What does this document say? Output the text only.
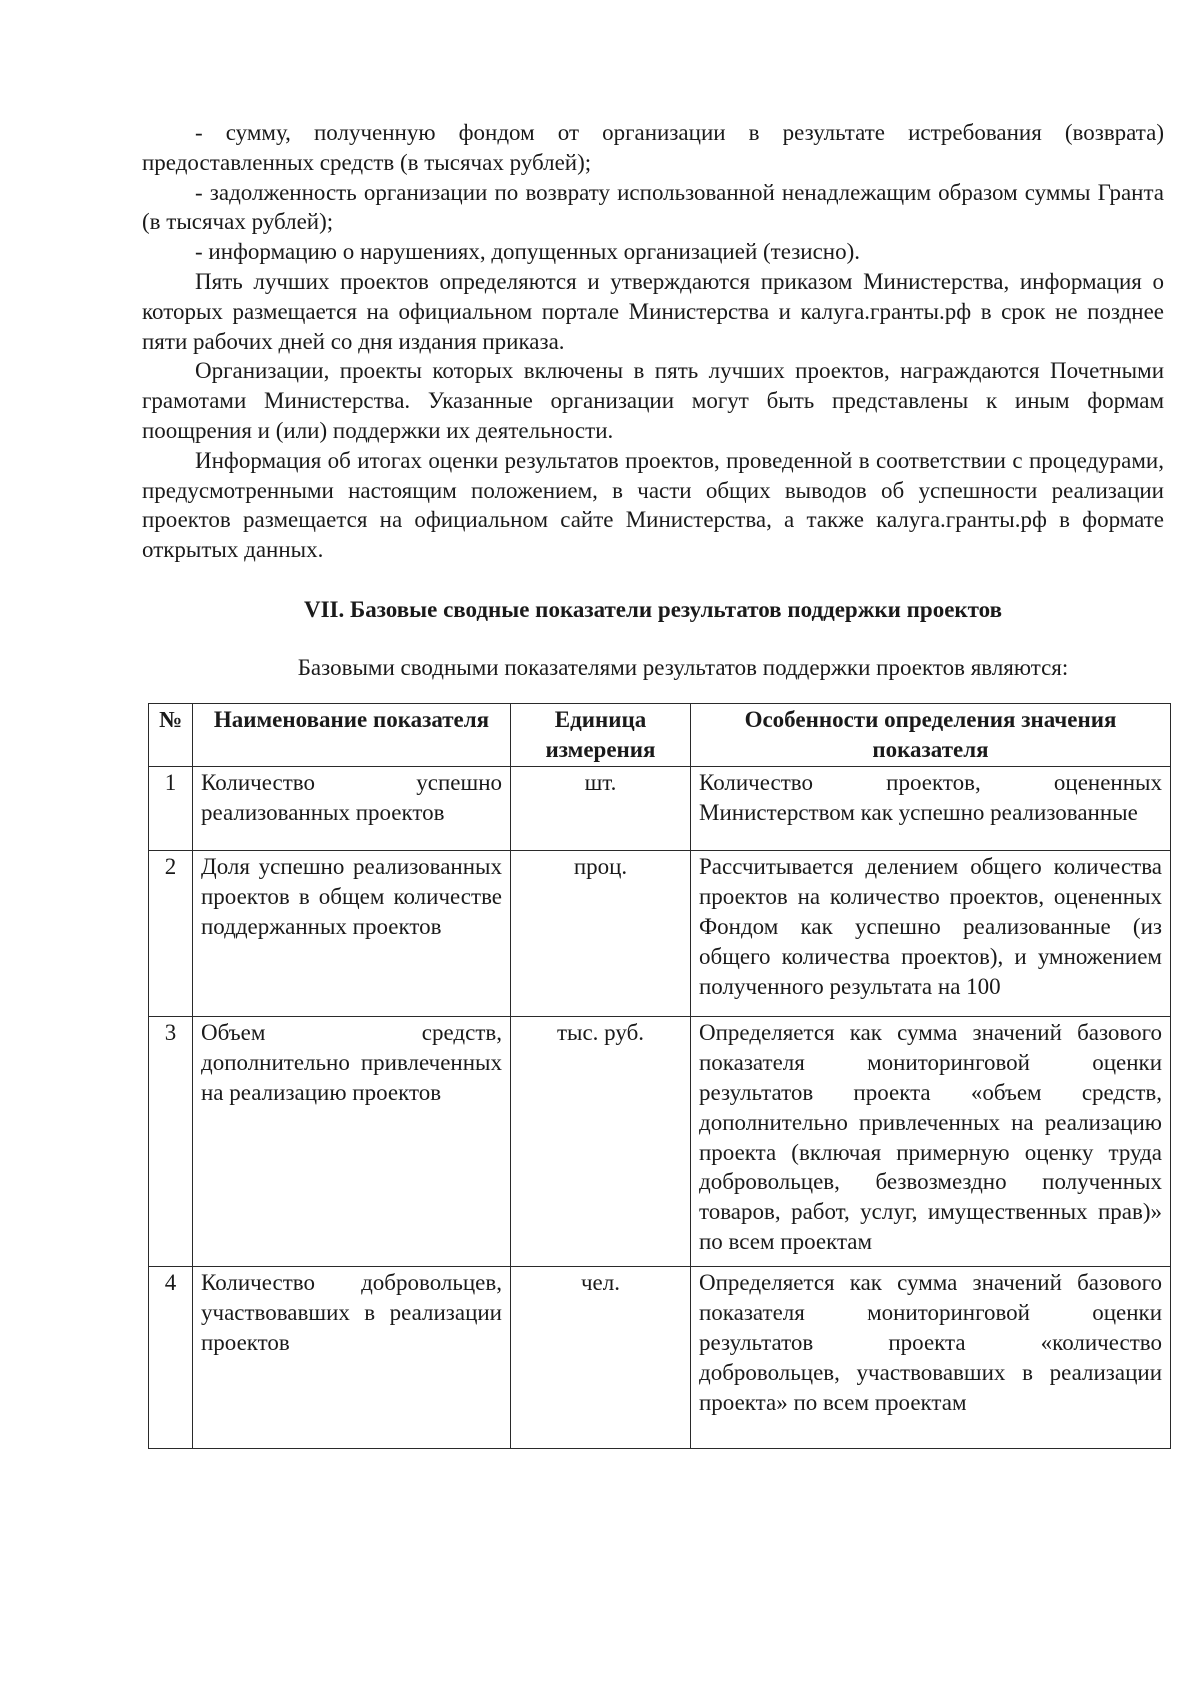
- сумму, полученную фондом от организации в результате истребования (возврата) предоставленных средств (в тысячах рублей);

- задолженность организации по возврату использованной ненадлежащим образом суммы Гранта (в тысячах рублей);

- информацию о нарушениях, допущенных организацией (тезисно).

Пять лучших проектов определяются и утверждаются приказом Министерства, информация о которых размещается на официальном портале Министерства и калуга.гранты.рф в срок не позднее пяти рабочих дней со дня издания приказа.

Организации, проекты которых включены в пять лучших проектов, награждаются Почетными грамотами Министерства. Указанные организации могут быть представлены к иным формам поощрения и (или) поддержки их деятельности.

Информация об итогах оценки результатов проектов, проведенной в соответствии с процедурами, предусмотренными настоящим положением, в части общих выводов об успешности реализации проектов размещается на официальном сайте Министерства, а также калуга.гранты.рф в формате открытых данных.

VII. Базовые сводные показатели результатов поддержки проектов

Базовыми сводными показателями результатов поддержки проектов являются:

№	Наименование показателя	Единица измерения	Особенности определения значения показателя
1	Количество успешно реализованных проектов	шт.	Количество проектов, оцененных Министерством как успешно реализованные
2	Доля успешно реализованных проектов в общем количестве поддержанных проектов	проц.	Рассчитывается делением общего количества проектов на количество проектов, оцененных Фондом как успешно реализованные (из общего количества проектов), и умножением полученного результата на 100
3	Объем средств, дополнительно привлеченных на реализацию проектов	тыс. руб.	Определяется как сумма значений базового показателя мониторинговой оценки результатов проекта «объем средств, дополнительно привлеченных на реализацию проекта (включая примерную оценку труда добровольцев, безвозмездно полученных товаров, работ, услуг, имущественных прав)» по всем проектам
4	Количество добровольцев, участвовавших в реализации проектов	чел.	Определяется как сумма значений базового показателя мониторинговой оценки результатов проекта «количество добровольцев, участвовавших в реализации проекта» по всем проектам
